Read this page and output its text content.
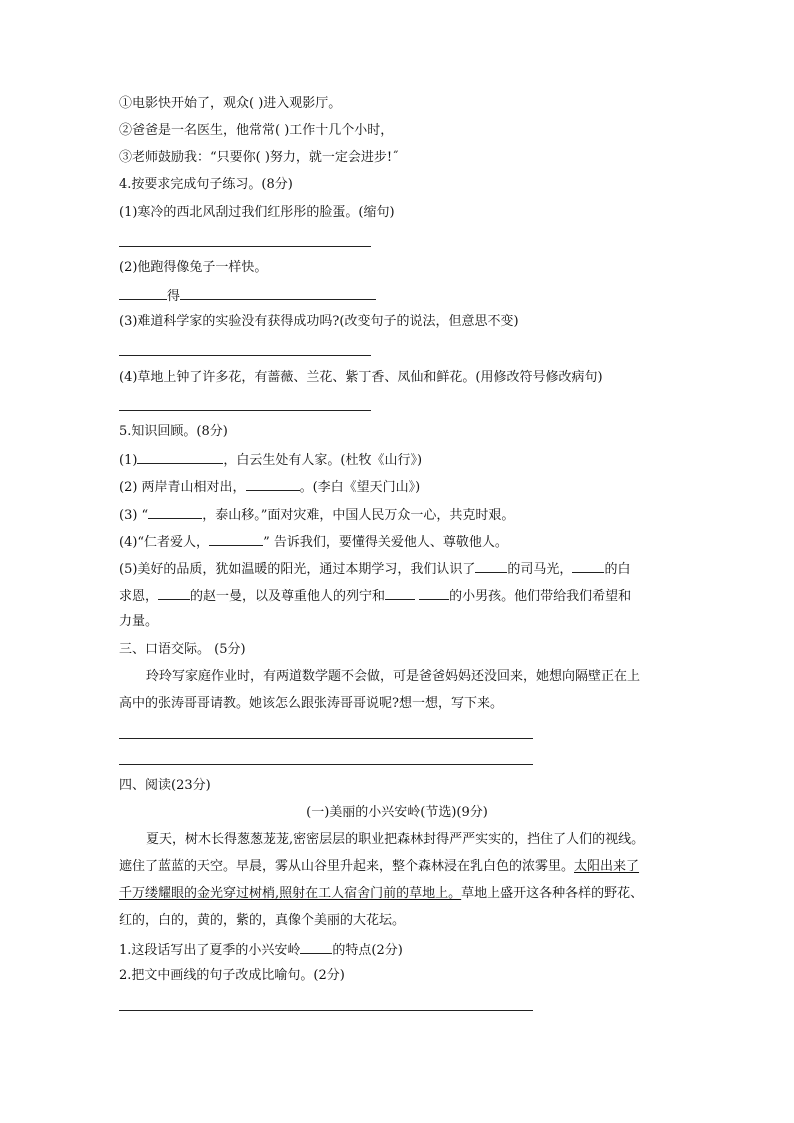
①电影快开始了，观众( )进入观影厅。
②爸爸是一名医生，他常常( )工作十几个小时，
③老师鼓励我：“只要你( )努力，就一定会进步!˝
4.按要求完成句子练习。(8分)
(1)寒冷的西北风刮过我们红彤彤的脸蛋。(缩句)
(2)他跑得像兔子一样快。
得
(3)难道科学家的实验没有获得成功吗?(改变句子的说法，但意思不变)
(4)草地上钟了许多花，有蔷薇、兰花、紫丁香、凤仙和鲜花。(用修改符号修改病句)
5.知识回顾。(8分)
(1)	，白云生处有人家。(杜牧《山行》)
(2) 两岸青山相对出，	。(李白《望天门山》)
(3) “	，泰山移。”面对灾难，中国人民万众一心，共克时艰。
(4)“仁者爱人，	” 告诉我们，要懂得关爱他人、尊敬他人。
(5)美好的品质，犹如温暖的阳光，通过本期学习，我们认识了 的司马光， 的白
求恩， 的赵一曼，以及尊重他人的列宁和	的小男孩。他们带给我们希望和
力量。
三、口语交际。 (5分)
玲玲写家庭作业时，有两道数学题不会做，可是爸爸妈妈还没回来，她想向隔壁正在上
高中的张涛哥哥请教。她该怎么跟张涛哥哥说呢?想一想，写下来。
四、阅读(23分)
(一)美丽的小兴安岭(节选)(9分)
夏天，树木长得葱葱茏茏,密密层层的职业把森林封得严严实实的，挡住了人们的视线。
遮住了蓝蓝的天空。早晨，雾从山谷里升起来，整个森林浸在乳白色的浓雾里。太阳出来了
千万缕耀眼的金光穿过树梢,照射在工人宿舍门前的草地上。草地上盛开这各种各样的野花、
红的，白的，黄的，紫的，真像个美丽的大花坛。
1.这段话写出了夏季的小兴安岭 的特点(2分)
2.把文中画线的句子改成比喻句。(2分)
